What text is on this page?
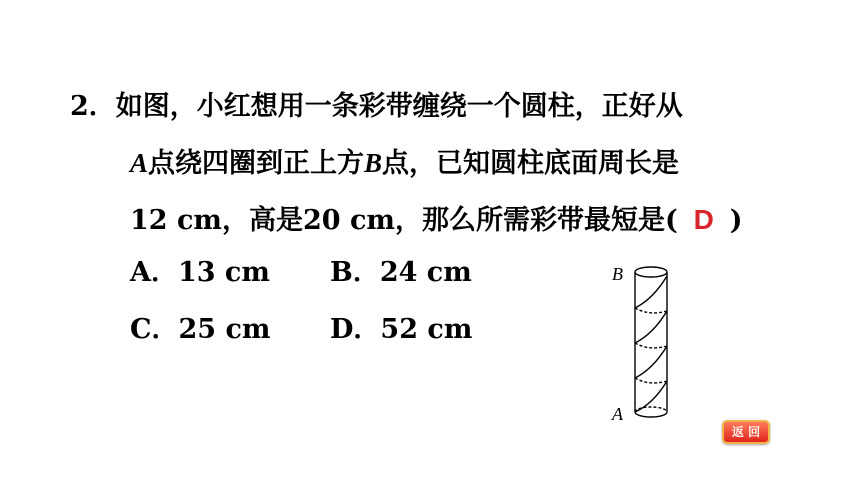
2．如图，小红想用一条彩带缠绕一个圆柱，正好从
A点绕四圈到正上方B点，已知圆柱底面周长是
12 cm，高是20 cm，那么所需彩带最短是( D )
A．13 cm B．24 cm
C．25 cm D．52 cm
B
A
返 回
